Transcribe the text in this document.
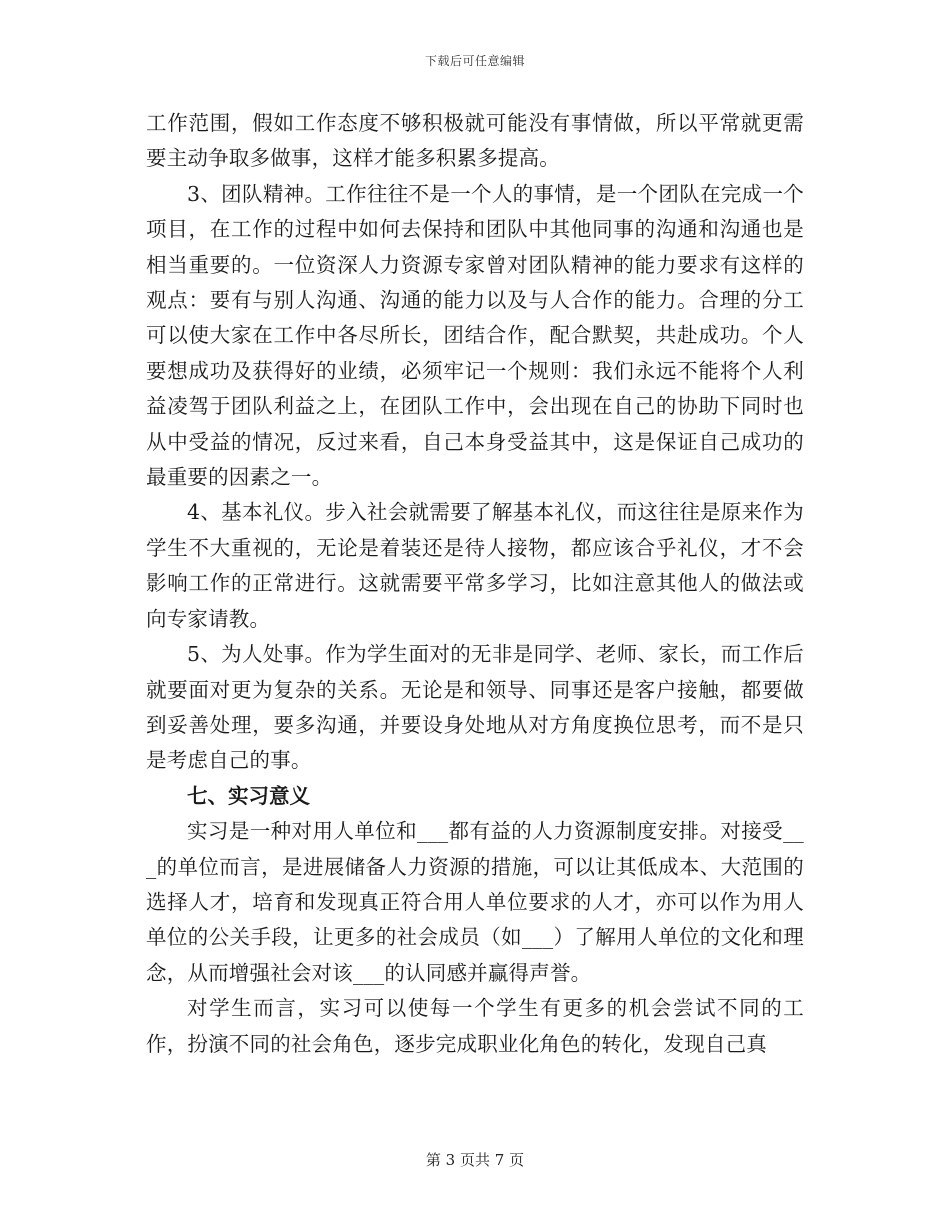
下载后可任意编辑

工作范围，假如工作态度不够积极就可能没有事情做，所以平常就更需要主动争取多做事，这样才能多积累多提高。

3、团队精神。工作往往不是一个人的事情，是一个团队在完成一个项目，在工作的过程中如何去保持和团队中其他同事的沟通和沟通也是相当重要的。一位资深人力资源专家曾对团队精神的能力要求有这样的观点：要有与别人沟通、沟通的能力以及与人合作的能力。合理的分工可以使大家在工作中各尽所长，团结合作，配合默契，共赴成功。个人要想成功及获得好的业绩，必须牢记一个规则：我们永远不能将个人利益凌驾于团队利益之上，在团队工作中，会出现在自己的协助下同时也从中受益的情况，反过来看，自己本身受益其中，这是保证自己成功的最重要的因素之一。

4、基本礼仪。步入社会就需要了解基本礼仪，而这往往是原来作为学生不大重视的，无论是着装还是待人接物，都应该合乎礼仪，才不会影响工作的正常进行。这就需要平常多学习，比如注意其他人的做法或向专家请教。

5、为人处事。作为学生面对的无非是同学、老师、家长，而工作后就要面对更为复杂的关系。无论是和领导、同事还是客户接触，都要做到妥善处理，要多沟通，并要设身处地从对方角度换位思考，而不是只是考虑自己的事。

七、实习意义

实习是一种对用人单位和___都有益的人力资源制度安排。对接受___的单位而言，是进展储备人力资源的措施，可以让其低成本、大范围的选择人才，培育和发现真正符合用人单位要求的人才，亦可以作为用人单位的公关手段，让更多的社会成员（如___）了解用人单位的文化和理念，从而增强社会对该___的认同感并赢得声誉。

对学生而言，实习可以使每一个学生有更多的机会尝试不同的工作，扮演不同的社会角色，逐步完成职业化角色的转化，发现自己真

第 3 页共 7 页
